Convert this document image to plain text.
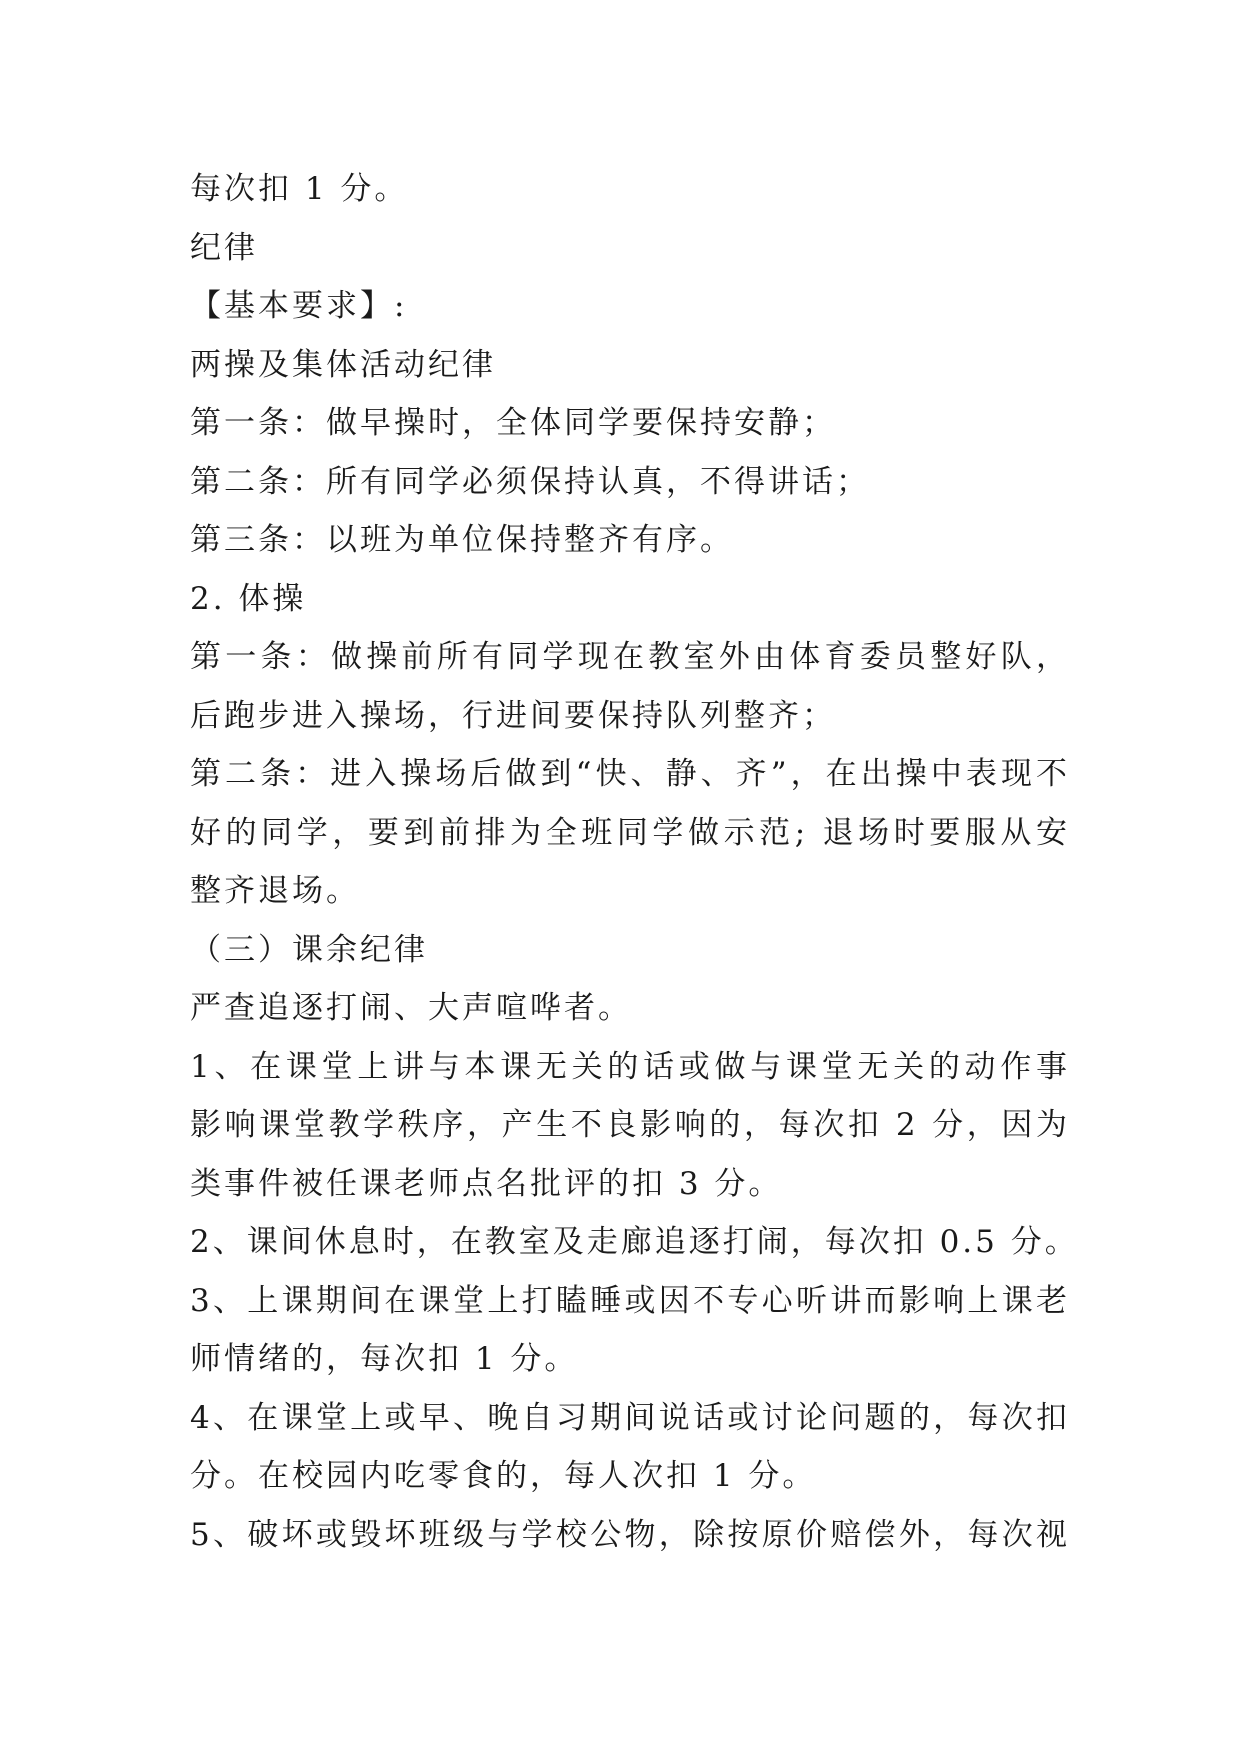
每次扣 1 分。
纪律
【基本要求】:
两操及集体活动纪律
第一条：做早操时，全体同学要保持安静；
第二条：所有同学必须保持认真，不得讲话；
第三条：以班为单位保持整齐有序。
2. 体操
第一条：做操前所有同学现在教室外由体育委员整好队，
后跑步进入操场，行进间要保持队列整齐；
第二条：进入操场后做到“快、静、齐”，在出操中表现不
好的同学，要到前排为全班同学做示范; 退场时要服从安
整齐退场。
（三）课余纪律
严查追逐打闹、大声喧哗者。
1、在课堂上讲与本课无关的话或做与课堂无关的动作事
影响课堂教学秩序，产生不良影响的，每次扣 2 分，因为
类事件被任课老师点名批评的扣 3 分。
2、课间休息时，在教室及走廊追逐打闹，每次扣 0.5 分。
3、上课期间在课堂上打瞌睡或因不专心听讲而影响上课老
师情绪的，每次扣 1 分。
4、在课堂上或早、晚自习期间说话或讨论问题的，每次扣
分。在校园内吃零食的，每人次扣 1 分。
5、破坏或毁坏班级与学校公物，除按原价赔偿外，每次视
